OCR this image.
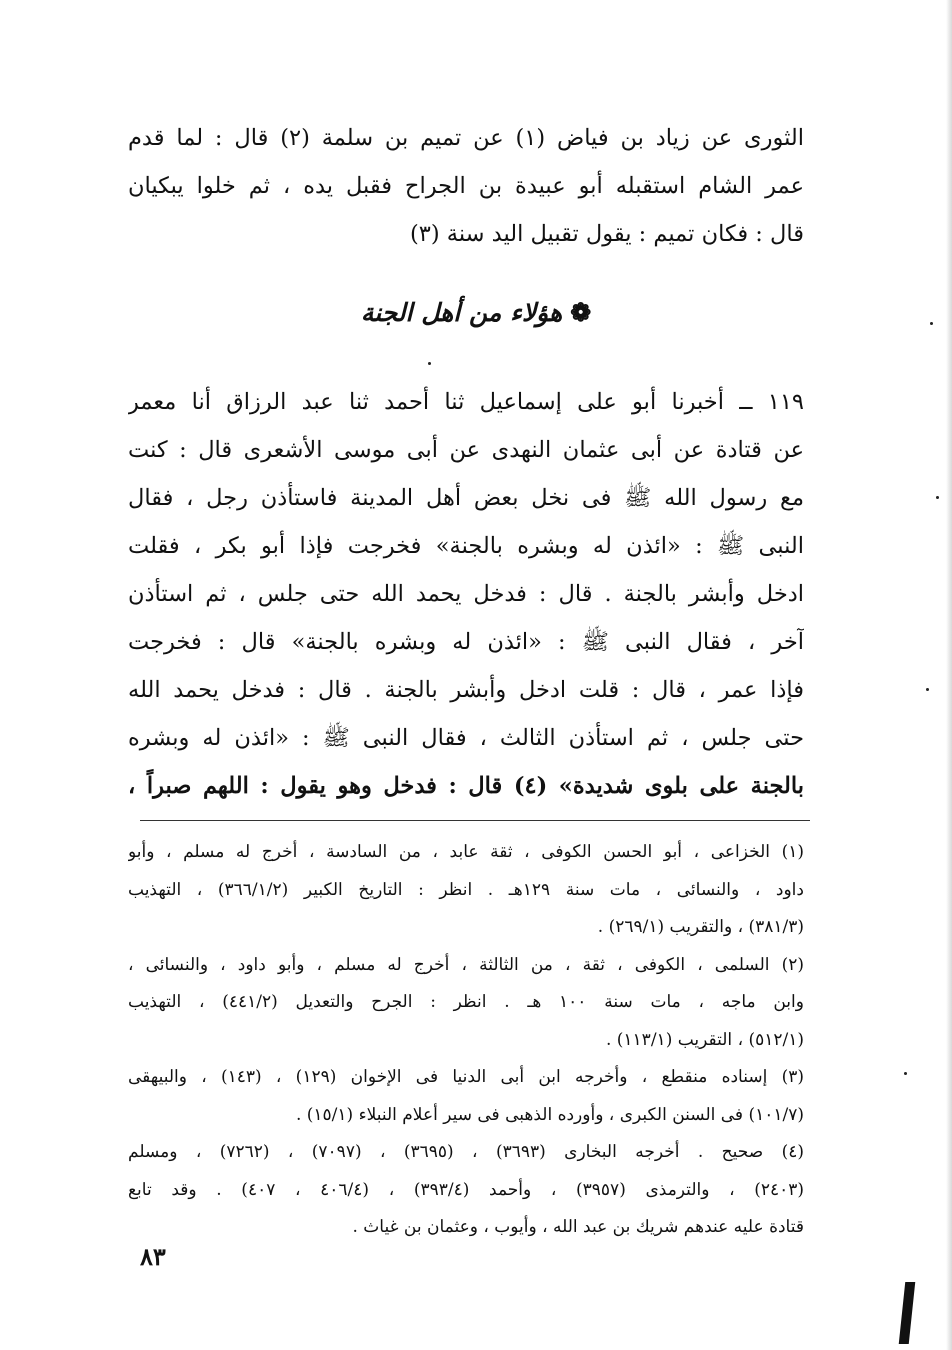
الثورى عن زياد بن فياض (١) عن تميم بن سلمة (٢) قال : لما قدم
عمر الشام استقبله أبو عبيدة بن الجراح فقبل يده ، ثم خلوا يبكيان
قال : فكان تميم : يقول تقبيل اليد سنة (٣)
❁هؤلاء من أهل الجنة
١١٩ ــ أخبرنا أبو على إسماعيل ثنا أحمد ثنا عبد الرزاق أنا معمر
عن قتادة عن أبى عثمان النهدى عن أبى موسى الأشعرى قال : كنت
مع رسول الله ﷺ فى نخل بعض أهل المدينة فاستأذن رجل ، فقال
النبى ﷺ : «ائذن له وبشره بالجنة» فخرجت فإذا أبو بكر ، فقلت
ادخل وأبشر بالجنة . قال : فدخل يحمد الله حتى جلس ، ثم استأذن
آخر ، فقال النبى ﷺ : «ائذن له وبشره بالجنة» قال : فخرجت
فإذا عمر ، قال : قلت ادخل وأبشر بالجنة . قال : فدخل يحمد الله
حتى جلس ، ثم استأذن الثالث ، فقال النبى ﷺ : «ائذن له وبشره
بالجنة على بلوى شديدة» (٤) قال : فدخل وهو يقول : اللهم صبراً ،
(١) الخزاعى ، أبو الحسن الكوفى ، ثقة عابد ، من السادسة ، أخرج له مسلم ، وأبو
داود ، والنسائى ، مات سنة ١٢٩هـ . انظر : التاريخ الكبير (٣٦٦/١/٢) ، التهذيب
(٣٨١/٣) ، والتقريب (٢٦٩/١) .
(٢) السلمى ، الكوفى ، ثقة ، من الثالثة ، أخرج له مسلم ، وأبو داود ، والنسائى ،
وابن ماجه ، مات سنة ١٠٠ هـ . انظر : الجرح والتعديل (٤٤١/٢) ، التهذيب
(٥١٢/١) ، التقريب (١١٣/١) .
(٣) إسناده منقطع ، وأخرجه ابن أبى الدنيا فى الإخوان (١٢٩) ، (١٤٣) ، والبيهقى
(١٠١/٧) فى السنن الكبرى ، وأورده الذهبى فى سير أعلام النبلاء (١٥/١) .
(٤) صحيح . أخرجه البخارى (٣٦٩٣) ، (٣٦٩٥) ، (٧٠٩٧) ، (٧٢٦٢) ، ومسلم
(٢٤٠٣) ، والترمذى (٣٩٥٧) ، وأحمد (٣٩٣/٤) ، (٤٠٦/٤ ، ٤٠٧) . وقد تابع
قتادة عليه عندهم شريك بن عبد الله ، وأيوب ، وعثمان بن غياث .
٨٣
